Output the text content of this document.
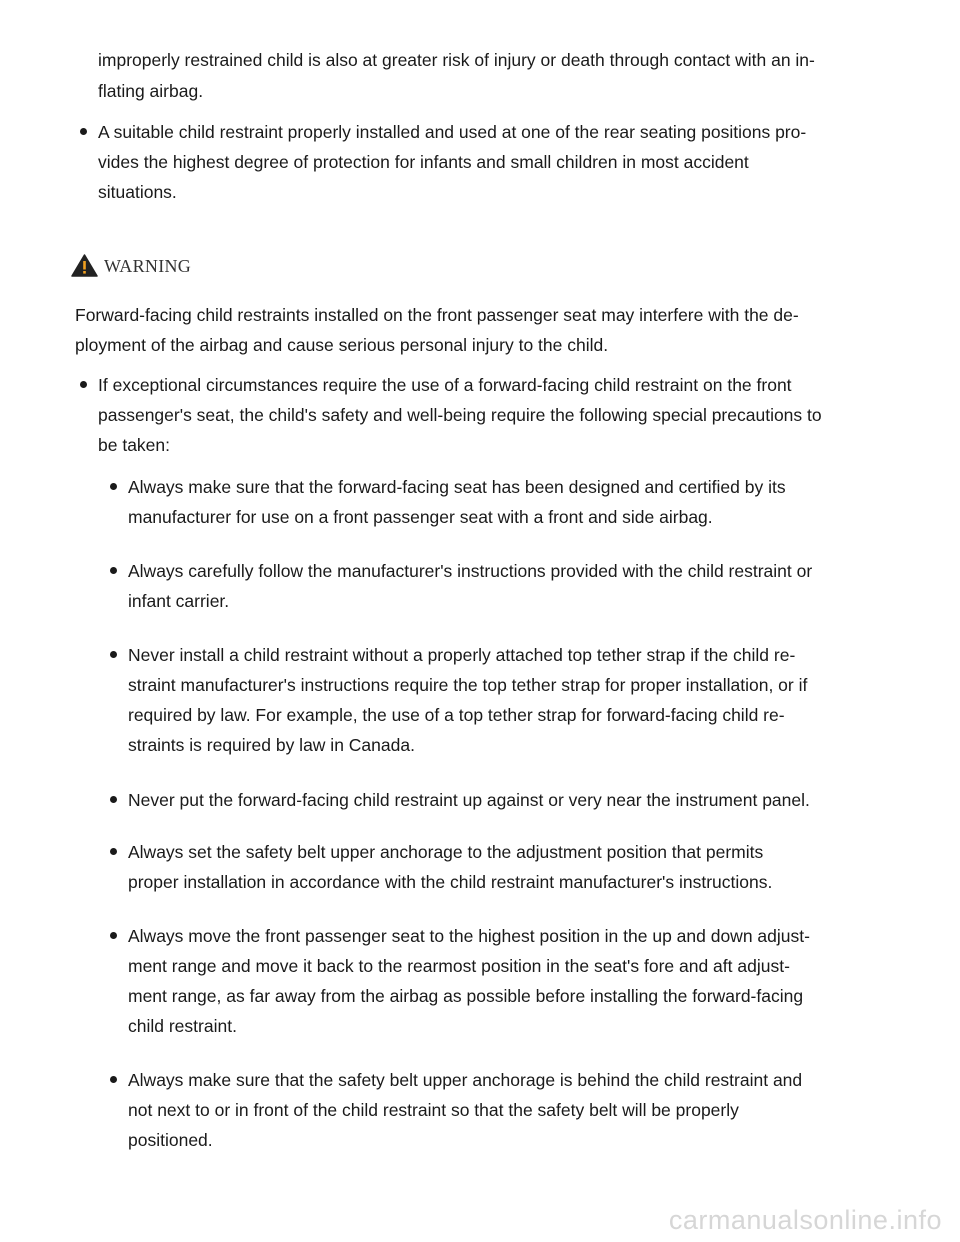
improperly restrained child is also at greater risk of injury or death through contact with an in-
flating airbag.
A suitable child restraint properly installed and used at one of the rear seating positions pro-
vides the highest degree of protection for infants and small children in most accident
situations.
WARNING
Forward-facing child restraints installed on the front passenger seat may interfere with the de-
ployment of the airbag and cause serious personal injury to the child.
If exceptional circumstances require the use of a forward-facing child restraint on the front
passenger's seat, the child's safety and well-being require the following special precautions to
be taken:
Always make sure that the forward-facing seat has been designed and certified by its
manufacturer for use on a front passenger seat with a front and side airbag.
Always carefully follow the manufacturer's instructions provided with the child restraint or
infant carrier.
Never install a child restraint without a properly attached top tether strap if the child re-
straint manufacturer's instructions require the top tether strap for proper installation, or if
required by law. For example, the use of a top tether strap for forward-facing child re-
straints is required by law in Canada.
Never put the forward-facing child restraint up against or very near the instrument panel.
Always set the safety belt upper anchorage to the adjustment position that permits
proper installation in accordance with the child restraint manufacturer's instructions.
Always move the front passenger seat to the highest position in the up and down adjust-
ment range and move it back to the rearmost position in the seat's fore and aft adjust-
ment range, as far away from the airbag as possible before installing the forward-facing
child restraint.
Always make sure that the safety belt upper anchorage is behind the child restraint and
not next to or in front of the child restraint so that the safety belt will be properly
positioned.
carmanualsonline.info
